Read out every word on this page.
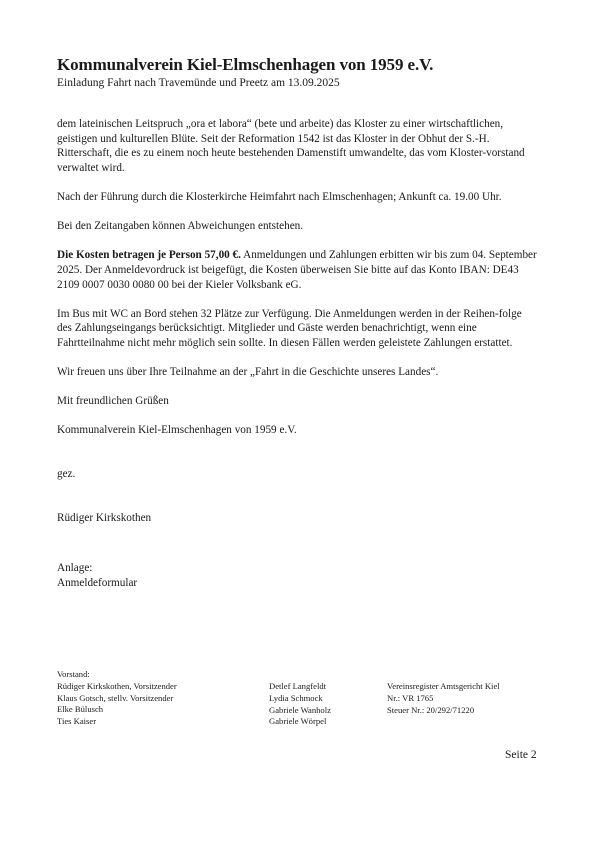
Kommunalverein Kiel-Elmschenhagen von 1959 e.V.
Einladung Fahrt nach Travemünde und Preetz am 13.09.2025

dem lateinischen Leitspruch „ora et labora“ (bete und arbeite) das Kloster zu einer wirtschaftlichen, geistigen und kulturellen Blüte. Seit der Reformation 1542 ist das Kloster in der Obhut der S.-H. Ritterschaft, die es zu einem noch heute bestehenden Damenstift umwandelte, das vom Kloster-vorstand verwaltet wird.

Nach der Führung durch die Klosterkirche Heimfahrt nach Elmschenhagen; Ankunft ca. 19.00 Uhr.

Bei den Zeitangaben können Abweichungen entstehen.

Die Kosten betragen je Person 57,00 €. Anmeldungen und Zahlungen erbitten wir bis zum 04. September 2025. Der Anmeldevordruck ist beigefügt, die Kosten überweisen Sie bitte auf das Konto IBAN: DE43 2109 0007 0030 0080 00 bei der Kieler Volksbank eG.

Im Bus mit WC an Bord stehen 32 Plätze zur Verfügung. Die Anmeldungen werden in der Reihen-folge des Zahlungseingangs berücksichtigt. Mitglieder und Gäste werden benachrichtigt, wenn eine Fahrtteilnahme nicht mehr möglich sein sollte. In diesen Fällen werden geleistete Zahlungen erstattet.

Wir freuen uns über Ihre Teilnahme an der „Fahrt in die Geschichte unseres Landes“.

Mit freundlichen Grüßen

Kommunalverein Kiel-Elmschenhagen von 1959 e.V.

gez.

Rüdiger Kirkskothen

Anlage:
Anmeldeformular
Vorstand:
Rüdiger Kirkskothen, Vorsitzender
Klaus Gotsch, stellv. Vorsitzender
Elke Bülusch
Ties Kaiser
Detlef Langfeldt
Lydia Schmock
Gabriele Wanholz
Gabriele Wörpel
Vereinsregister Amtsgericht Kiel
Nr.: VR 1765
Steuer Nr.: 20/292/71220
Seite 2
